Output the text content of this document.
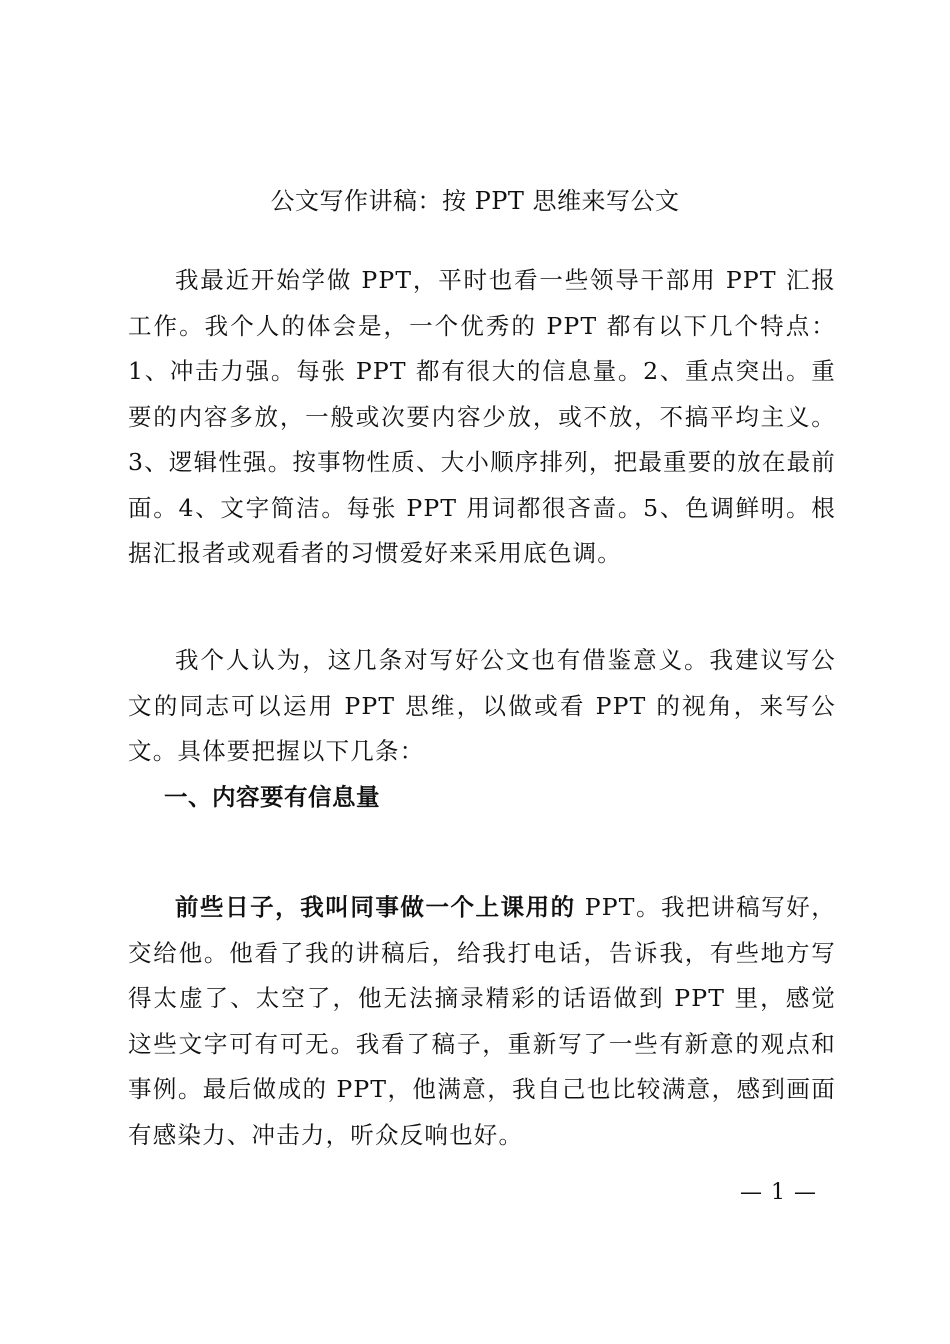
公文写作讲稿：按 PPT 思维来写公文

我最近开始学做 PPT，平时也看一些领导干部用 PPT 汇报工作。我个人的体会是，一个优秀的 PPT 都有以下几个特点：1、冲击力强。每张 PPT 都有很大的信息量。2、重点突出。重要的内容多放，一般或次要内容少放，或不放，不搞平均主义。3、逻辑性强。按事物性质、大小顺序排列，把最重要的放在最前面。4、文字简洁。每张 PPT 用词都很吝啬。5、色调鲜明。根据汇报者或观看者的习惯爱好来采用底色调。

我个人认为，这几条对写好公文也有借鉴意义。我建议写公文的同志可以运用 PPT 思维，以做或看 PPT 的视角，来写公文。具体要把握以下几条：

一、内容要有信息量

前些日子，我叫同事做一个上课用的 PPT。我把讲稿写好，交给他。他看了我的讲稿后，给我打电话，告诉我，有些地方写得太虚了、太空了，他无法摘录精彩的话语做到 PPT 里，感觉这些文字可有可无。我看了稿子，重新写了一些有新意的观点和事例。最后做成的 PPT，他满意，我自己也比较满意，感到画面有感染力、冲击力，听众反响也好。

— 1 —
